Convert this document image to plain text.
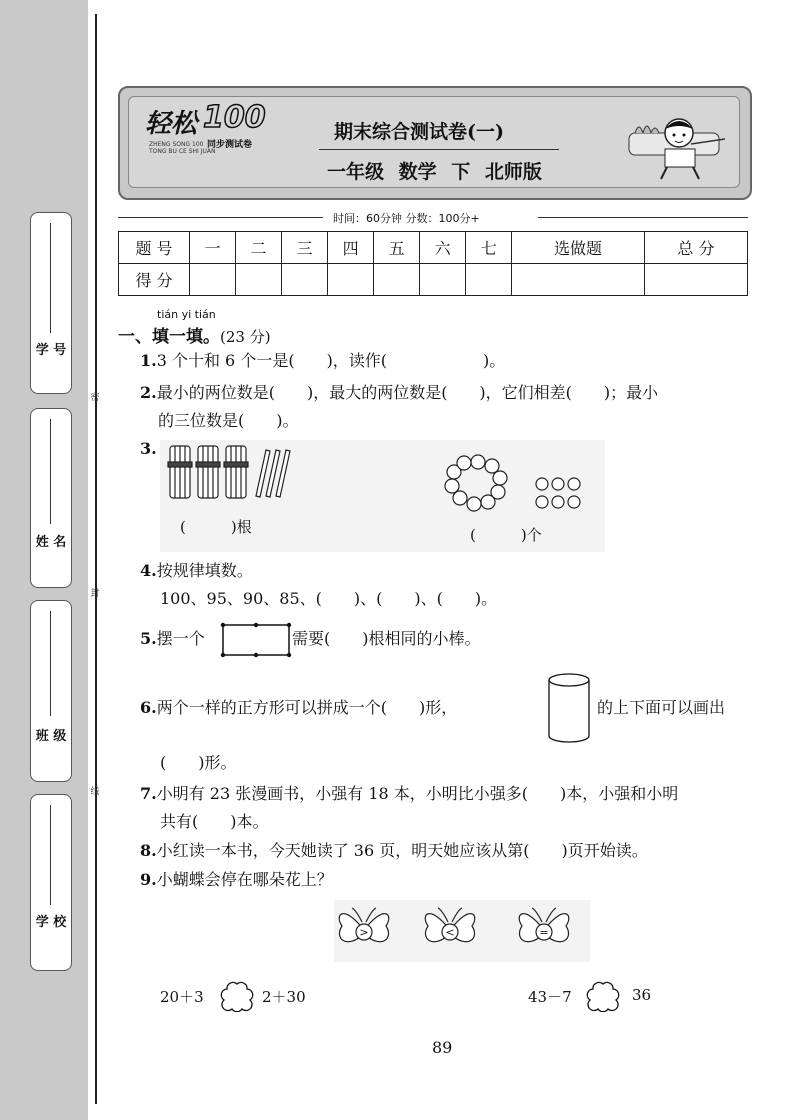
学 号
姓 名
班 级
学 校
密
封
线
轻松 100
ZHENG SONG 100 TONG BU CE SHI JUAN
同步测试卷
期末综合测试卷(一)
一年级 数学 下 北师版
时间：60分钟 分数：100分+
题 号	一	二	三	四	五	六	七	选做题	总 分
得 分									
tián yi tián
一、填一填。(23 分)
1.3 个十和 6 个一是(　　)，读作(　　　　　　)。
2.最小的两位数是(　　)，最大的两位数是(　　)，它们相差(　　)；最小
的三位数是(　　)。
3.
(　　　)根	(　　　)个
4.按规律填数。
100、95、90、85、(　　)、(　　)、(　　)。
5.摆一个	需要(　　)根相同的小棒。
6.两个一样的正方形可以拼成一个(　　)形，	的上下面可以画出
(　　)形。
7.小明有 23 张漫画书，小强有 18 本，小明比小强多(　　)本，小强和小明
共有(　　)本。
8.小红读一本书，今天她读了 36 页，明天她应该从第(　　)页开始读。
9.小蝴蝶会停在哪朵花上？
>	<	=
20＋3	2＋30	43－7	36
89
